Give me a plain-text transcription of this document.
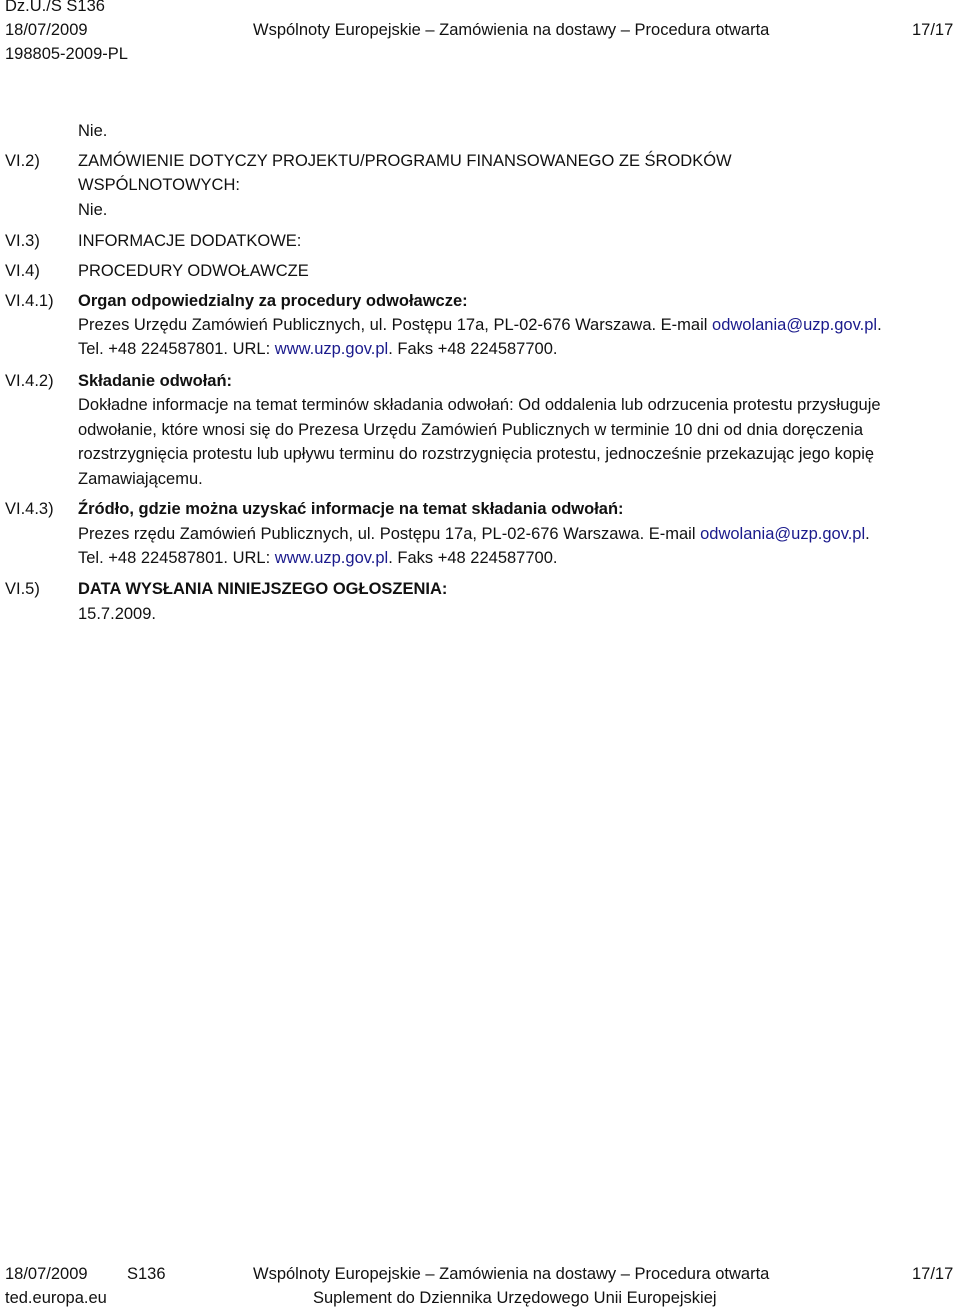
Dz.U./S S136
18/07/2009	Wspólnoty Europejskie – Zamówienia na dostawy – Procedura otwarta	17/17
198805-2009-PL
Nie.
VI.2) ZAMÓWIENIE DOTYCZY PROJEKTU/PROGRAMU FINANSOWANEGO ZE ŚRODKÓW
WSPÓLNOTOWYCH:
Nie.
VI.3) INFORMACJE DODATKOWE:
VI.4) PROCEDURY ODWOŁAWCZE
VI.4.1) Organ odpowiedzialny za procedury odwoławcze:
Prezes Urzędu Zamówień Publicznych, ul. Postępu 17a, PL-02-676 Warszawa. E-mail odwolania@uzp.gov.pl.
Tel. +48 224587801. URL: www.uzp.gov.pl. Faks +48 224587700.
VI.4.2) Składanie odwołań:
Dokładne informacje na temat terminów składania odwołań: Od oddalenia lub odrzucenia protestu przysługuje
odwołanie, które wnosi się do Prezesa Urzędu Zamówień Publicznych w terminie 10 dni od dnia doręczenia
rozstrzygnięcia protestu lub upływu terminu do rozstrzygnięcia protestu, jednocześnie przekazując jego kopię
Zamawiającemu.
VI.4.3) Źródło, gdzie można uzyskać informacje na temat składania odwołań:
Prezes rzędu Zamówień Publicznych, ul. Postępu 17a, PL-02-676 Warszawa. E-mail odwolania@uzp.gov.pl.
Tel. +48 224587801. URL: www.uzp.gov.pl. Faks +48 224587700.
VI.5) DATA WYSŁANIA NINIEJSZEGO OGŁOSZENIA:
15.7.2009.
18/07/2009 S136	Wspólnoty Europejskie – Zamówienia na dostawy – Procedura otwarta	17/17
ted.europa.eu	Suplement do Dziennika Urzędowego Unii Europejskiej
